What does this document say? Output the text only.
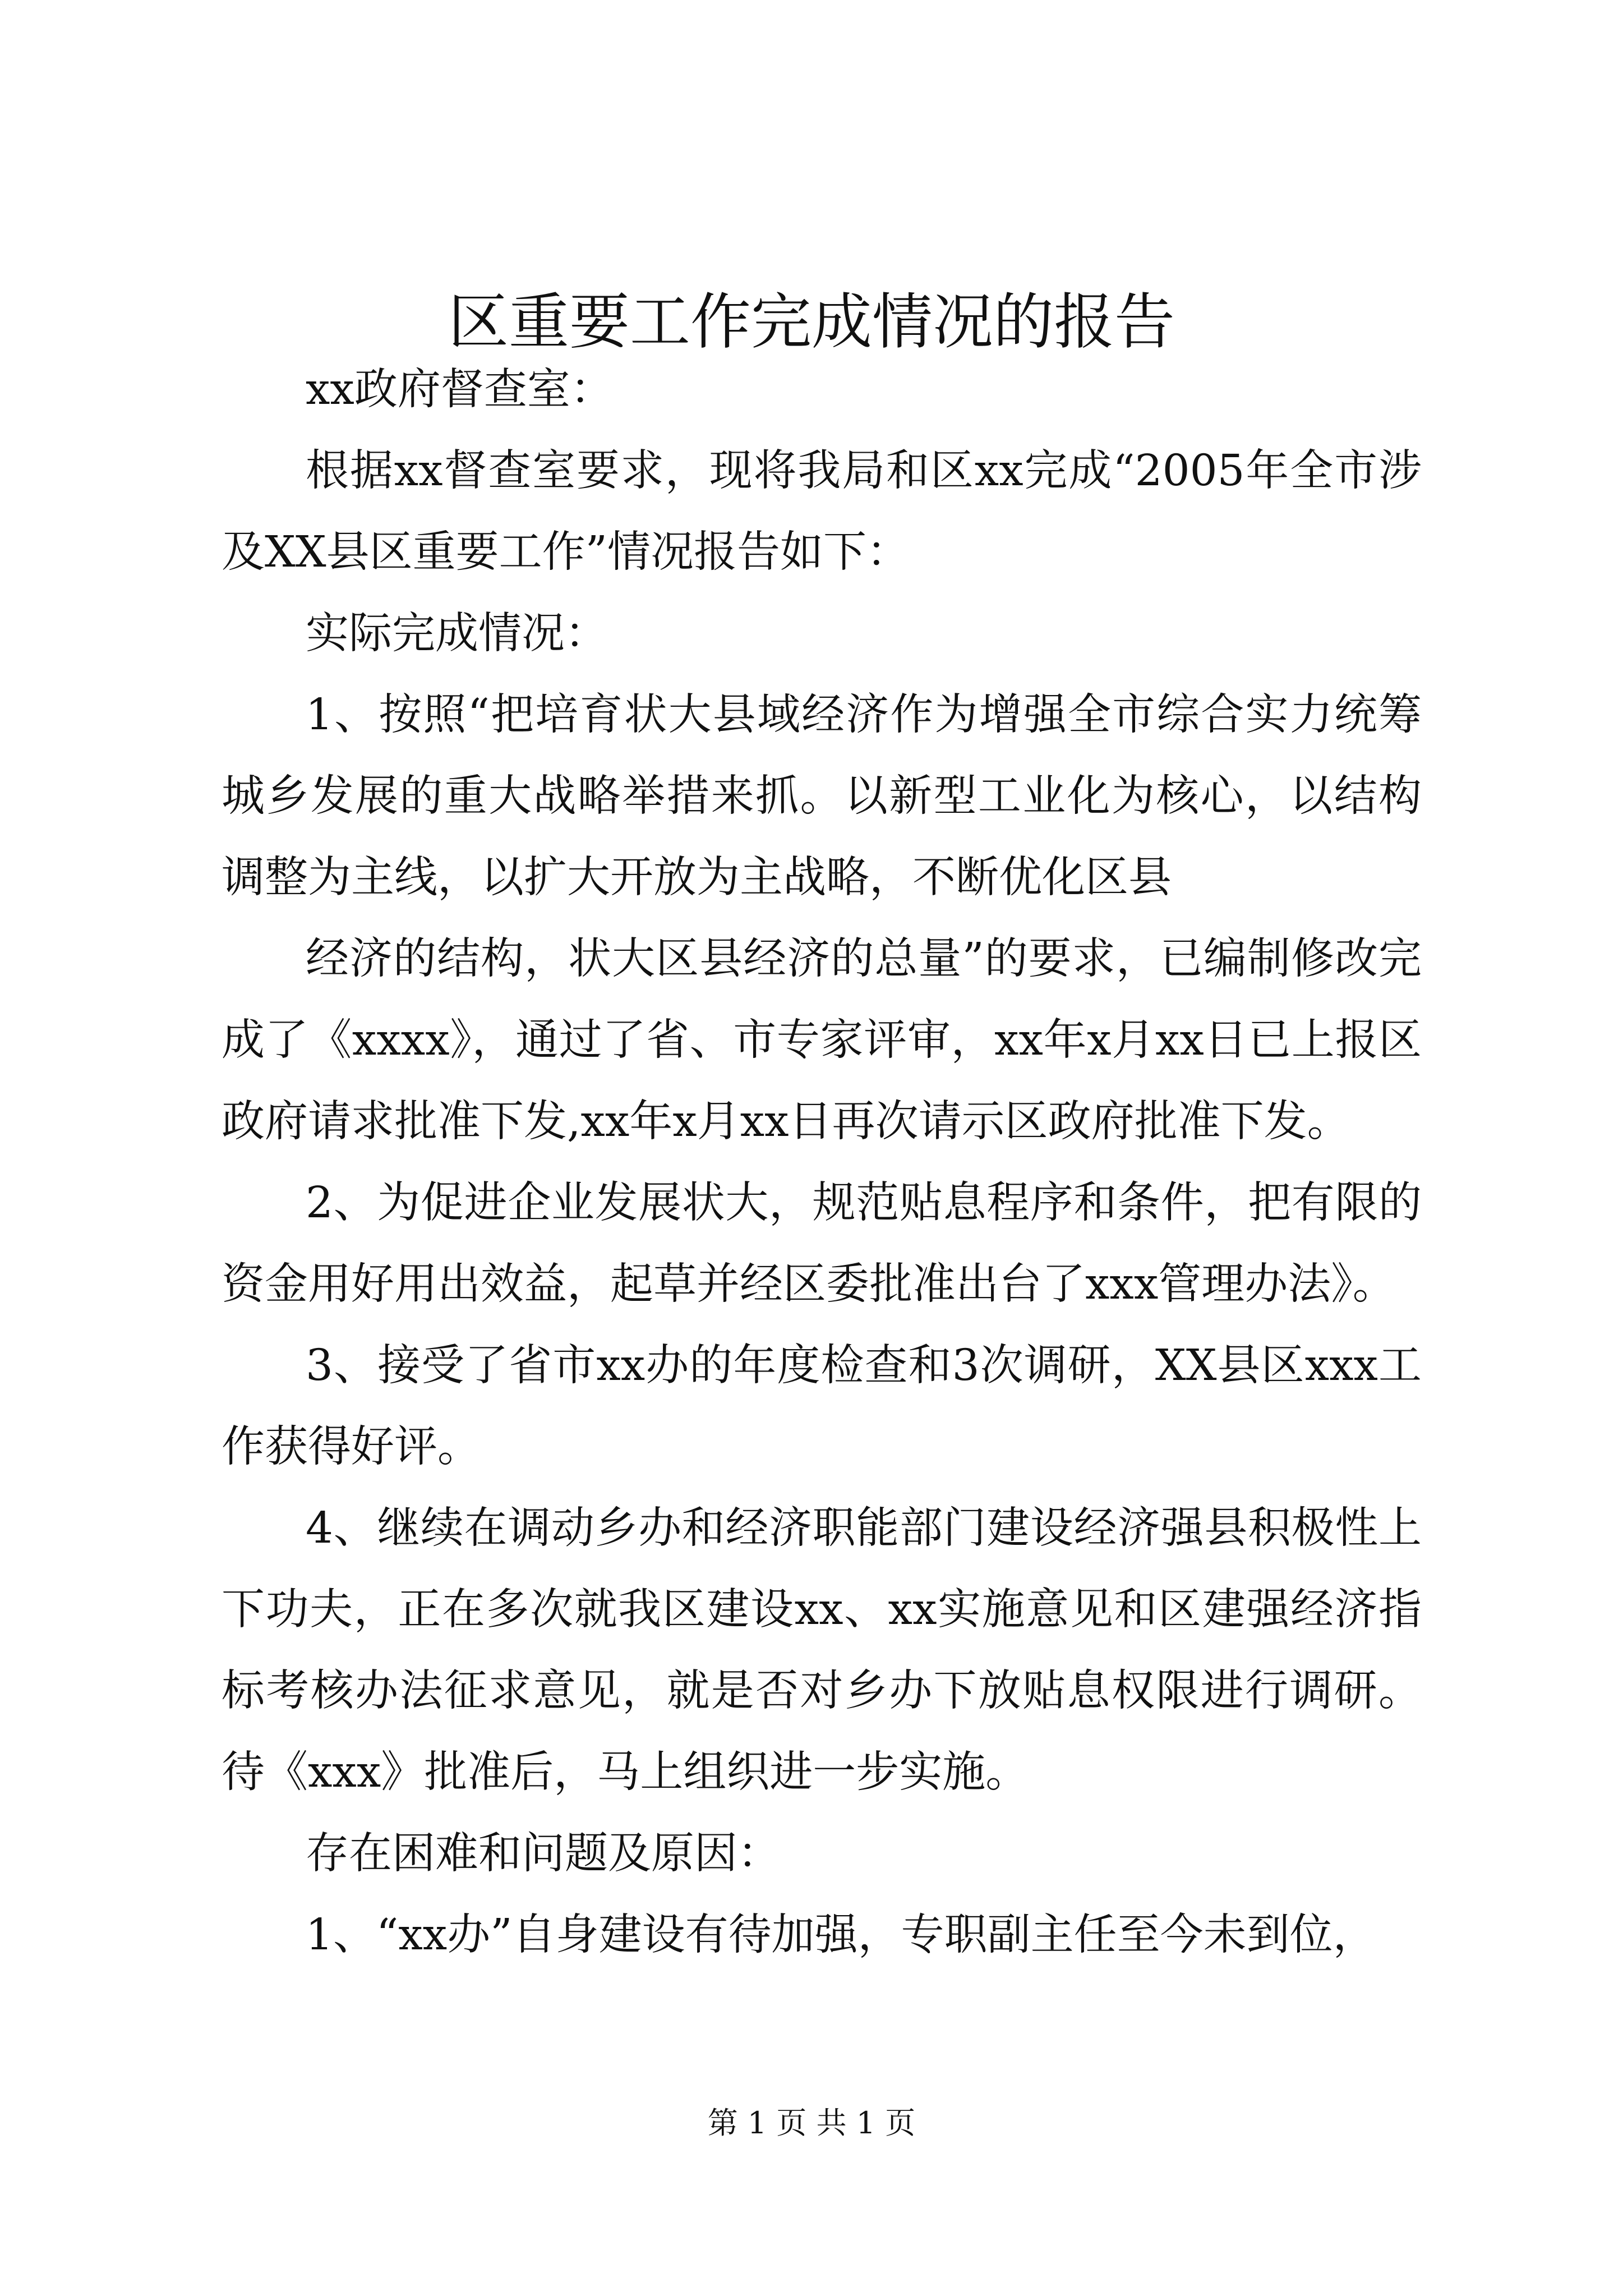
区重要工作完成情况的报告

xx政府督查室：

根据xx督查室要求，现将我局和区xx完成“2005年全市涉及XX县区重要工作”情况报告如下：

实际完成情况：

1、按照“把培育状大县域经济作为增强全市综合实力统筹城乡发展的重大战略举措来抓。以新型工业化为核心，以结构调整为主线，以扩大开放为主战略，不断优化区县

经济的结构，状大区县经济的总量”的要求，已编制修改完成了《xxxx》，通过了省、市专家评审，xx年x月xx日已上报区政府请求批准下发,xx年x月xx日再次请示区政府批准下发。

2、为促进企业发展状大，规范贴息程序和条件，把有限的资金用好用出效益，起草并经区委批准出台了xxx管理办法》。

3、接受了省市xx办的年度检查和3次调研，XX县区xxx工作获得好评。

4、继续在调动乡办和经济职能部门建设经济强县积极性上下功夫，正在多次就我区建设xx、xx实施意见和区建强经济指标考核办法征求意见，就是否对乡办下放贴息权限进行调研。待《xxx》批准后，马上组织进一步实施。

存在困难和问题及原因：

1、“xx办”自身建设有待加强，专职副主任至今未到位，

第 1 页 共 1 页
